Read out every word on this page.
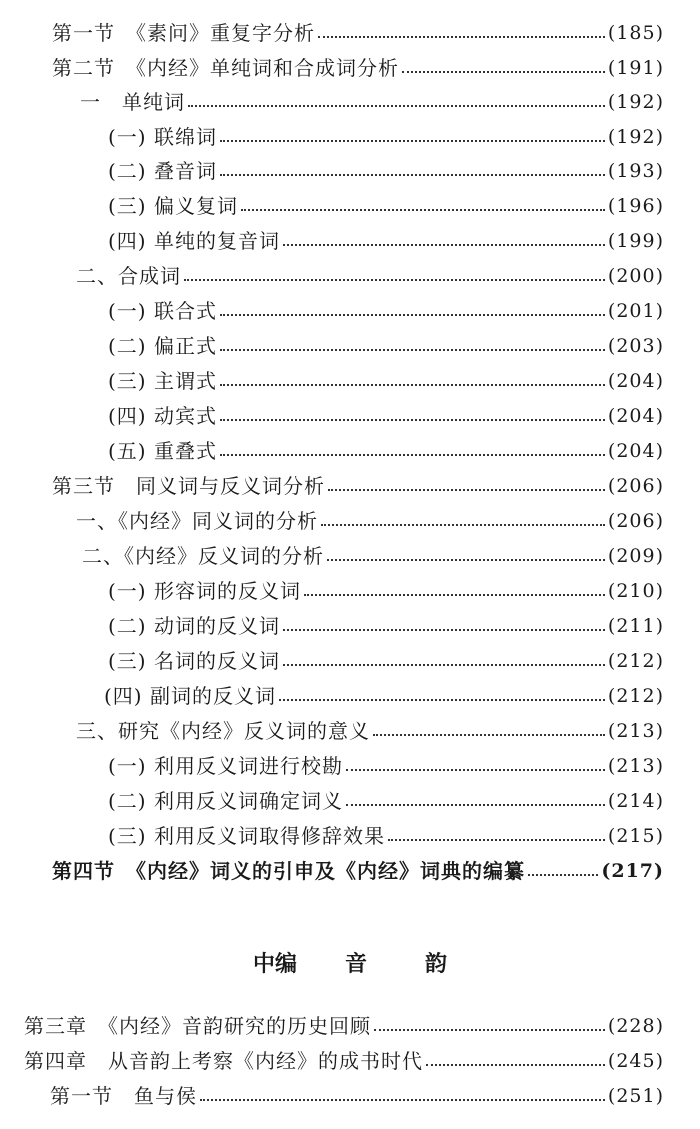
第一节　《素问》重复字分析	(185)
第二节　《内经》单纯词和合成词分析	(191)
一　单纯词	(192)
(一) 联绵词	(192)
(二) 叠音词	(193)
(三) 偏义复词	(196)
(四) 单纯的复音词	(199)
二、合成词	(200)
(一) 联合式	(201)
(二) 偏正式	(203)
(三) 主谓式	(204)
(四) 动宾式	(204)
(五) 重叠式	(204)
第三节　同义词与反义词分析	(206)
一、《内经》同义词的分析	(206)
二、《内经》反义词的分析	(209)
(一) 形容词的反义词	(210)
(二) 动词的反义词	(211)
(三) 名词的反义词	(212)
(四) 副词的反义词	(212)
三、研究《内经》反义词的意义	(213)
(一) 利用反义词进行校勘	(213)
(二) 利用反义词确定词义	(214)
(三) 利用反义词取得修辞效果	(215)
第四节　《内经》词义的引申及《内经》词典的编纂	(217)
中编 音	韵
第三章　《内经》音韵研究的历史回顾	(228)
第四章　从音韵上考察《内经》的成书时代	(245)
第一节　鱼与侯	(251)
